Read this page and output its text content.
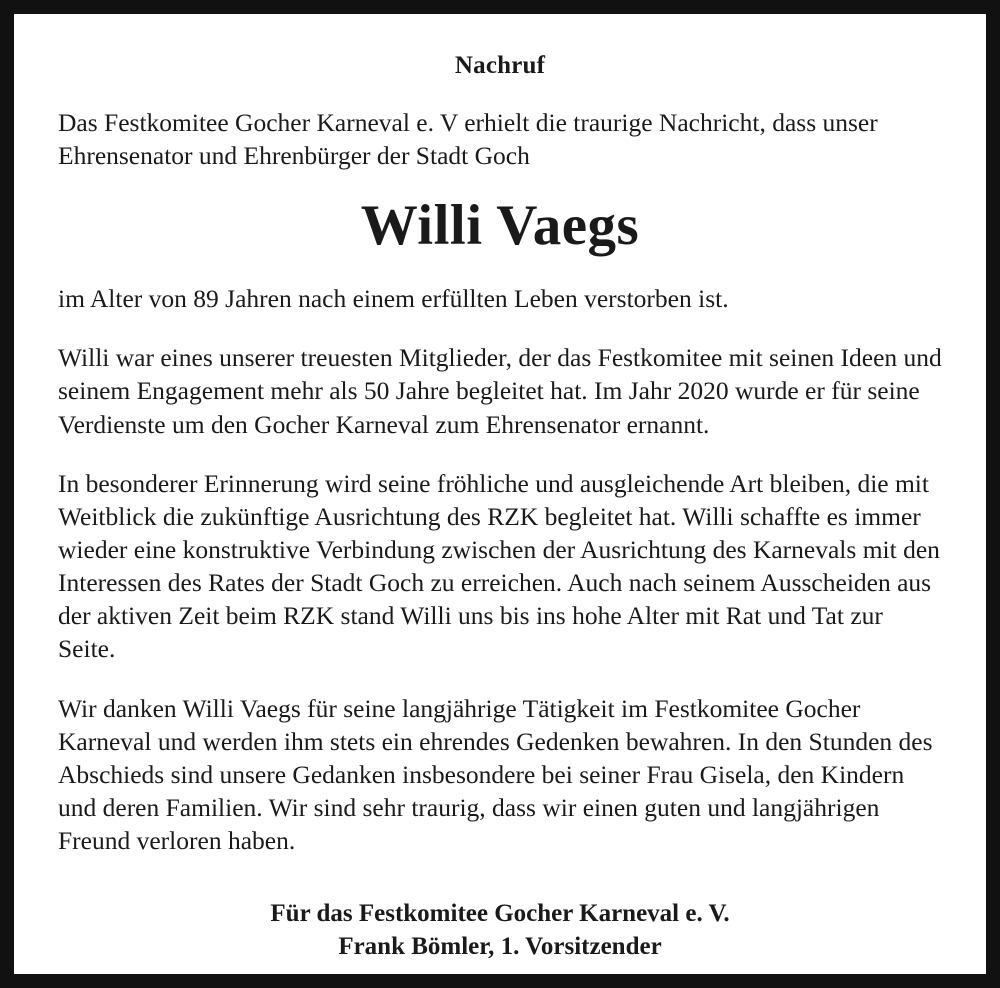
Nachruf

Das Festkomitee Gocher Karneval e. V erhielt die traurige Nachricht, dass unser Ehrensenator und Ehrenbürger der Stadt Goch

Willi Vaegs

im Alter von 89 Jahren nach einem erfüllten Leben verstorben ist.

Willi war eines unserer treuesten Mitglieder, der das Festkomitee mit seinen Ideen und seinem Engagement mehr als 50 Jahre begleitet hat. Im Jahr 2020 wurde er für seine Verdienste um den Gocher Karneval zum Ehrensenator ernannt.

In besonderer Erinnerung wird seine fröhliche und ausgleichende Art bleiben, die mit Weitblick die zukünftige Ausrichtung des RZK begleitet hat. Willi schaffte es immer wieder eine konstruktive Verbindung zwischen der Ausrichtung des Karnevals mit den Interessen des Rates der Stadt Goch zu erreichen. Auch nach seinem Ausscheiden aus der aktiven Zeit beim RZK stand Willi uns bis ins hohe Alter mit Rat und Tat zur Seite.

Wir danken Willi Vaegs für seine langjährige Tätigkeit im Festkomitee Gocher Karneval und werden ihm stets ein ehrendes Gedenken bewahren. In den Stunden des Abschieds sind unsere Gedanken insbesondere bei seiner Frau Gisela, den Kindern und deren Familien. Wir sind sehr traurig, dass wir einen guten und langjährigen Freund verloren haben.

Für das Festkomitee Gocher Karneval e. V.
Frank Bömler, 1. Vorsitzender
